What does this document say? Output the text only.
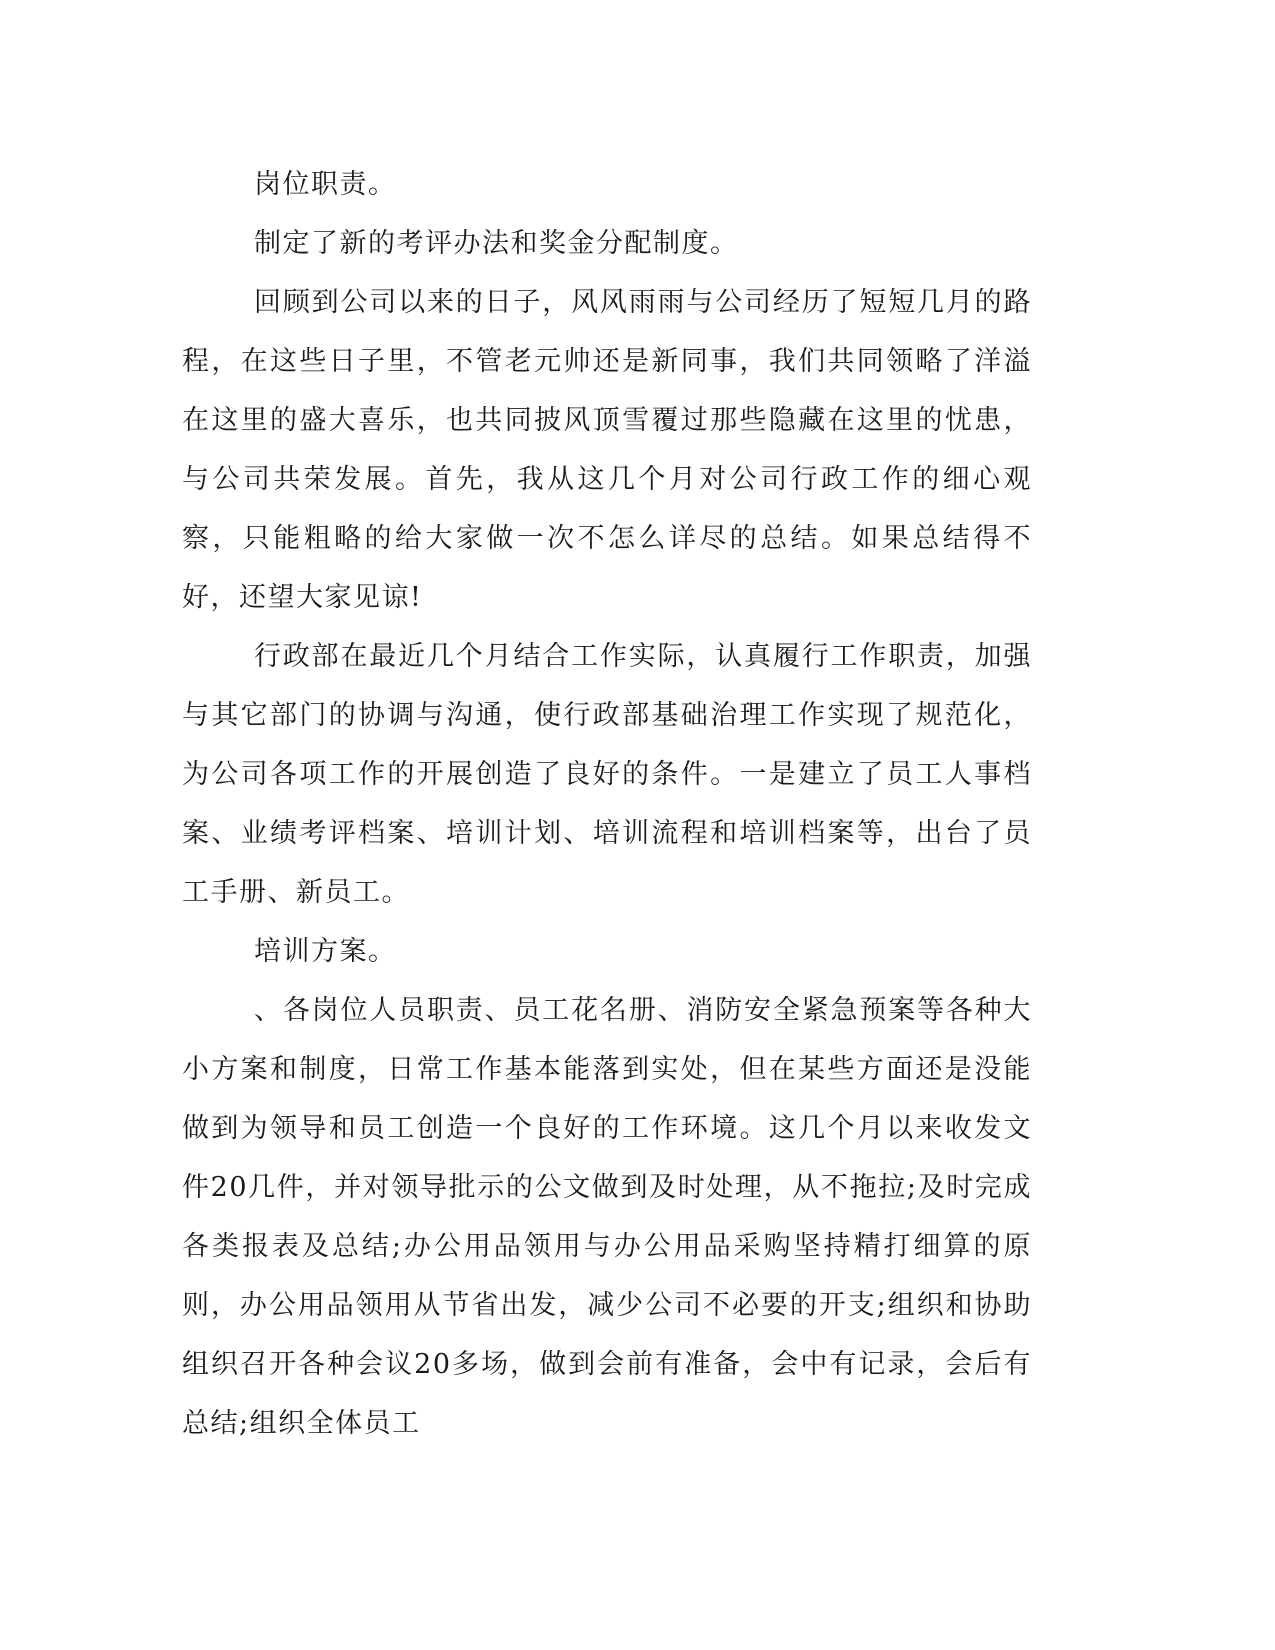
岗位职责。

制定了新的考评办法和奖金分配制度。

回顾到公司以来的日子，风风雨雨与公司经历了短短几月的路程，在这些日子里，不管老元帅还是新同事，我们共同领略了洋溢在这里的盛大喜乐，也共同披风顶雪覆过那些隐藏在这里的忧患，与公司共荣发展。首先，我从这几个月对公司行政工作的细心观察，只能粗略的给大家做一次不怎么详尽的总结。如果总结得不好，还望大家见谅!

行政部在最近几个月结合工作实际，认真履行工作职责，加强与其它部门的协调与沟通，使行政部基础治理工作实现了规范化，为公司各项工作的开展创造了良好的条件。一是建立了员工人事档案、业绩考评档案、培训计划、培训流程和培训档案等，出台了员工手册、新员工。

培训方案。

、各岗位人员职责、员工花名册、消防安全紧急预案等各种大小方案和制度，日常工作基本能落到实处，但在某些方面还是没能做到为领导和员工创造一个良好的工作环境。这几个月以来收发文件20几件，并对领导批示的公文做到及时处理，从不拖拉;及时完成各类报表及总结;办公用品领用与办公用品采购坚持精打细算的原则，办公用品领用从节省出发，减少公司不必要的开支;组织和协助组织召开各种会议20多场，做到会前有准备，会中有记录，会后有总结;组织全体员工
